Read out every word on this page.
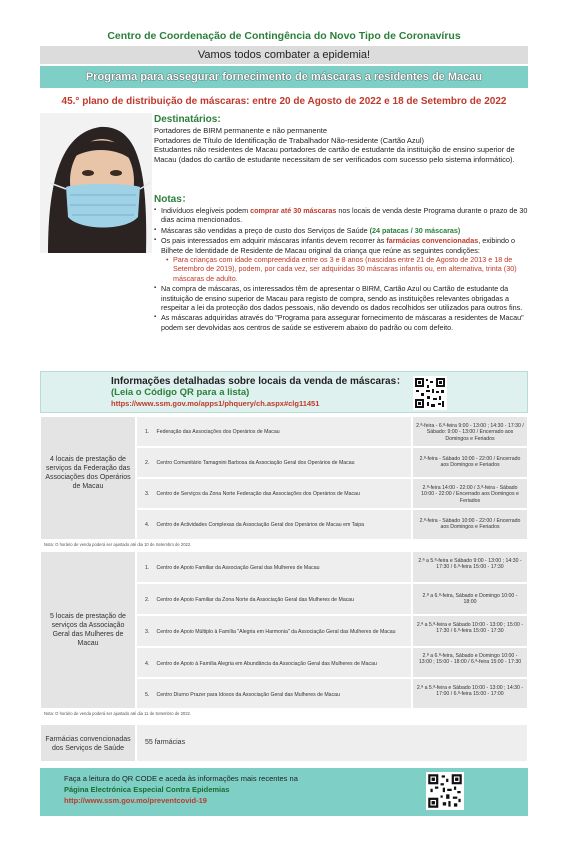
Centro de Coordenação de Contingência do Novo Tipo de Coronavírus
Vamos todos combater a epidemia!
Programa para assegurar fornecimento de máscaras a residentes de Macau
45.° plano de distribuição de máscaras: entre 20 de Agosto de 2022 e 18 de Setembro de 2022
Destinatários:
Portadores de BIRM permanente e não permanente
Portadores de Título de Identificação de Trabalhador Não-residente (Cartão Azul)
Estudantes não residentes de Macau portadores de cartão de estudante da instituição de ensino superior de Macau (dados do cartão de estudante necessitam de ser verificados com sucesso pelo sistema informático).
Notas：
▪ Indivíduos elegíveis podem comprar até 30 máscaras nos locais de venda deste Programa durante o prazo de 30 dias acima mencionados.
▪ Máscaras são vendidas a preço de custo dos Serviços de Saúde (24 patacas / 30 máscaras)
▪ Os pais interessados em adquirir máscaras infantis devem recorrer às farmácias convencionadas, exibindo o Bilhete de Identidade de Residente de Macau original da criança que reúne as seguintes condições:
• Para crianças com idade compreendida entre os 3 e 8 anos (nascidas entre 21 de Agosto de 2013 e 18 de Setembro de 2019), podem, por cada vez, ser adquiridas 30 máscaras infantis ou, em alternativa, trinta (30) máscaras de adulto.
▪ Na compra de máscaras, os interessados têm de apresentar o BIRM, Cartão Azul ou Cartão de estudante da instituição de ensino superior de Macau para registo de compra, sendo as instituições relevantes obrigadas a respeitar a lei da protecção dos dados pessoais, não devendo os dados recolhidos ser utilizados para outros fins.
▪ As máscaras adquiridas através do "Programa para assegurar fornecimento de máscaras a residentes de Macau" podem ser devolvidas aos centros de saúde se estiverem abaixo do padrão ou com defeito.
Informações detalhadas sobre locais da venda de máscaras：
(Leia o Código QR para a lista)
https://www.ssm.gov.mo/apps1/phquery/ch.aspx#clg11451
4 locais de prestação de serviços da Federação das Associações dos Operários de Macau
1. Federação das Associações dos Operários de Macau
2.ª-feira - 6.ª-feira 9:00 - 13:00 ; 14:30 - 17:30 / Sábado: 9:00 - 13:00 / Encerrado aos Domingos e Feriados
2. Centro Comunitário Tamagnini Barbosa da Associação Geral dos Operários de Macau
2.ª-feira - Sábado 10:00 - 22:00 / Encerrado aos Domingos e Feriados
3. Centro de Serviços da Zona Norte Federação das Associações dos Operários de Macau
2.ª-feira 14:00 - 22:00 / 3.ª-feira - Sábado 10:00 - 22:00 / Encerrado aos Domingos e Feriados
4. Centro de Actividades Complexas da Associação Geral dos Operários de Macau em Taipa
2.ª-feira - Sábado 10:00 - 22:00 / Encerrado aos Domingos e Feriados
Nota: O horário de venda poderá ser ajustado até dia 10 de Setembro de 2022.
5 locais de prestação de serviços da Associação Geral das Mulheres de Macau
1. Centro de Apoio Familiar da Associação Geral das Mulheres de Macau
2.ª a 5.ª-feira e Sábado 9:00 - 13:00 ; 14:30 - 17:30 / 6.ª-feira 15:00 - 17:30
2. Centro de Apoio Familiar da Zona Norte da Associação Geral das Mulheres de Macau
2.ª a 6.ª-feira, Sábado e Domingo 10:00 - 18:00
3. Centro de Apoio Múltiplo à Família "Alegria em Harmonia" da Associação Geral das Mulheres de Macau
2.ª a 5.ª-feira e Sábado 10:00 - 13:00 ; 15:00 - 17:30 / 6.ª-feira 15:00 - 17:30
4. Centro de Apoio à Família Alegria em Abundância da Associação Geral das Mulheres de Macau
2.ª a 6.ª-feira, Sábado e Domingo 10:00 - 13:00 ; 15:00 - 18:00 / 6.ª-feira 15:00 - 17:30
5. Centro Diurno Prazer para Idosos da Associação Geral das Mulheres de Macau
2.ª a 5.ª-feira e Sábado 10:00 - 13:00 ; 14:30 - 17:00 / 6.ª-feira 15:00 - 17:00
Nota: O horário de venda poderá ser ajustado até dia 11 de Setembro de 2022.
Farmácias convencionadas dos Serviços de Saúde
55 farmácias
Faça a leitura do QR CODE e aceda às informações mais recentes na
Página Electrónica Especial Contra Epidemias
http://www.ssm.gov.mo/preventcovid-19
